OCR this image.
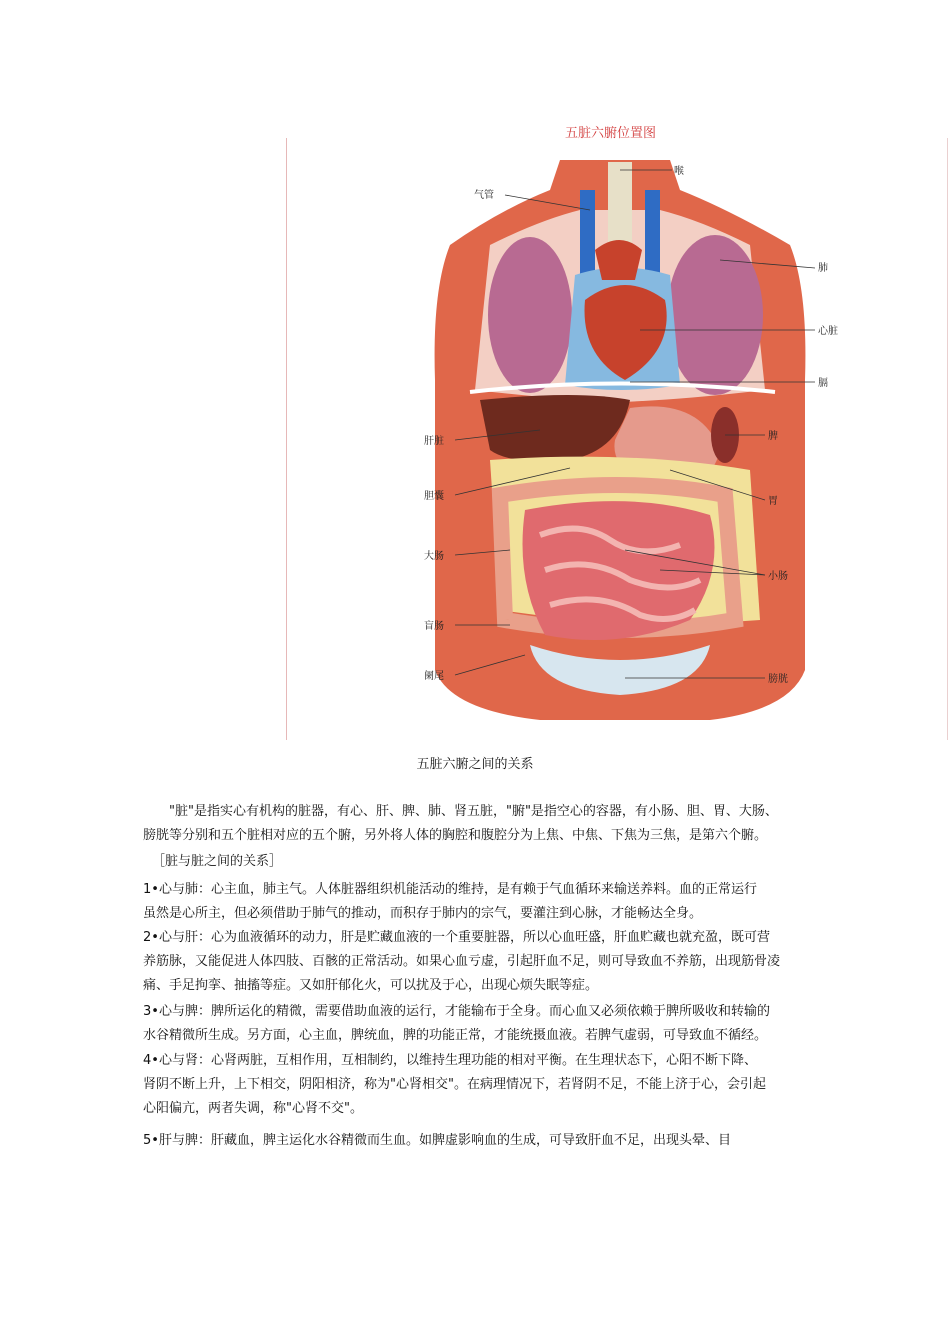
五脏六腑位置图
喉
气管
肺
心脏
膈
肝脏	脾
胆囊	胃
大肠
小肠
盲肠
阑尾	膀胱
五脏六腑之间的关系

"脏"是指实心有机构的脏器，有心、肝、脾、肺、肾五脏，"腑"是指空心的容器，有小肠、胆、胃、大肠、
膀胱等分别和五个脏相对应的五个腑，另外将人体的胸腔和腹腔分为上焦、中焦、下焦为三焦，是第六个腑。

［脏与脏之间的关系］

1•心与肺：心主血，肺主气。人体脏器组织机能活动的维持，是有赖于气血循环来输送养料。血的正常运行
虽然是心所主，但必须借助于肺气的推动，而积存于肺内的宗气，要灌注到心脉，才能畅达全身。

2•心与肝：心为血液循环的动力，肝是贮藏血液的一个重要脏器，所以心血旺盛，肝血贮藏也就充盈，既可营
养筋脉，又能促进人体四肢、百骸的正常活动。如果心血亏虚，引起肝血不足，则可导致血不养筋，出现筋骨凌
痛、手足拘挛、抽搐等症。又如肝郁化火，可以扰及于心，出现心烦失眠等症。

3•心与脾：脾所运化的精微，需要借助血液的运行，才能输布于全身。而心血又必须依赖于脾所吸收和转输的
水谷精微所生成。另方面，心主血，脾统血，脾的功能正常，才能统摄血液。若脾气虚弱，可导致血不循经。

4•心与肾：心肾两脏，互相作用，互相制约，以维持生理功能的相对平衡。在生理状态下，心阳不断下降、
肾阴不断上升，上下相交，阴阳相济，称为"心肾相交"。在病理情况下，若肾阴不足，不能上济于心，会引起
心阳偏亢，两者失调，称"心肾不交"。

5•肝与脾：肝藏血，脾主运化水谷精微而生血。如脾虚影响血的生成，可导致肝血不足，出现头晕、目
